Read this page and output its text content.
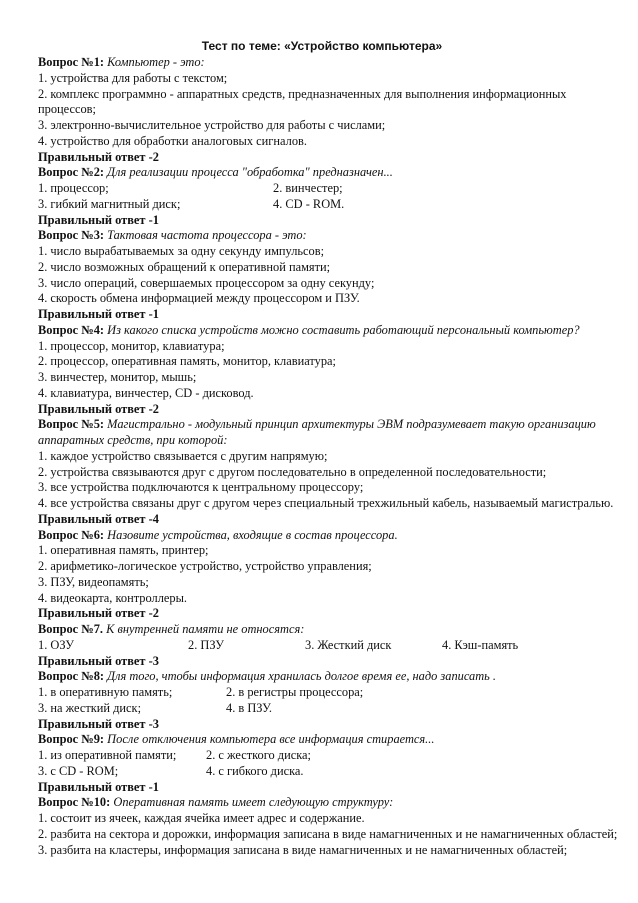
Тест по теме: «Устройство компьютера»
Вопрос №1: Компьютер - это:
1. устройства для работы с текстом;
2. комплекс программно - аппаратных средств, предназначенных для выполнения информационных процессов;
3. электронно-вычислительное устройство для работы с числами;
4. устройство для обработки аналоговых сигналов.
Правильный ответ -2
Вопрос №2: Для реализации процесса "обработка" предназначен...
1. процессор;	2. винчестер;
3. гибкий магнитный диск;	4. CD - ROM.
Правильный ответ -1
Вопрос №3: Тактовая частота процессора - это:
1. число вырабатываемых за одну секунду импульсов;
2. число возможных обращений к оперативной памяти;
3. число операций, совершаемых процессором за одну секунду;
4. скорость обмена информацией между процессором и ПЗУ.
Правильный ответ -1
Вопрос №4: Из какого списка устройств можно составить работающий персональный компьютер?
1. процессор, монитор, клавиатура;
2. процессор, оперативная память, монитор, клавиатура;
3. винчестер, монитор, мышь;
4. клавиатура, винчестер, CD - дисковод.
Правильный ответ -2
Вопрос №5: Магистрально - модульный принцип архитектуры ЭВМ подразумевает такую организацию аппаратных средств, при которой:
1. каждое устройство связывается с другим напрямую;
2. устройства связываются друг с другом последовательно в определенной последовательности;
3. все устройства подключаются к центральному процессору;
4. все устройства связаны друг с другом через специальный трехжильный кабель, называемый магистралью.
Правильный ответ -4
Вопрос №6: Назовите устройства, входящие в состав процессора.
1. оперативная память, принтер;
2. арифметико-логическое устройство, устройство управления;
3. ПЗУ, видеопамять;
4. видеокарта, контроллеры.
Правильный ответ -2
Вопрос №7. К внутренней памяти не относятся:
1. ОЗУ	2. ПЗУ	3. Жесткий диск	4. Кэш-память
Правильный ответ -3
Вопрос №8: Для того, чтобы информация хранилась долгое время ее, надо записать .
1. в оперативную память;	2. в регистры процессора;
3. на жесткий диск;	4. в ПЗУ.
Правильный ответ -3
Вопрос №9: После отключения компьютера все информация стирается...
1. из оперативной памяти;	2. с жесткого диска;
3. с CD - ROM;	4. с гибкого диска.
Правильный ответ -1
Вопрос №10: Оперативная память имеет следующую структуру:
1. состоит из ячеек, каждая ячейка имеет адрес и содержание.
2. разбита на сектора и дорожки, информация записана в виде намагниченных и не намагниченных областей;
3. разбита на кластеры, информация записана в виде намагниченных и не намагниченных областей;
